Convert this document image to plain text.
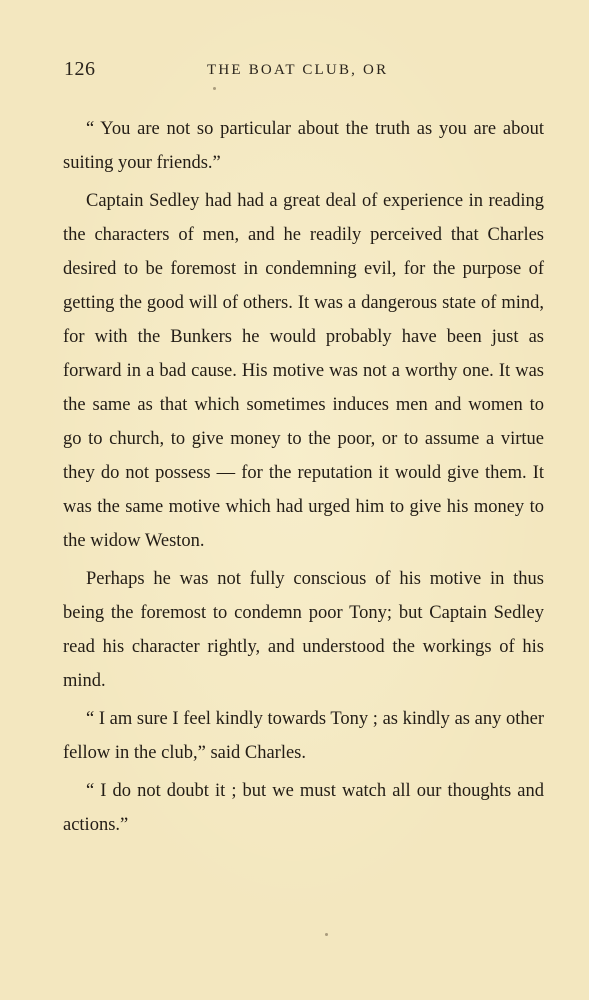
126	THE BOAT CLUB, OR

“ You are not so particular about the truth as you are about suiting your friends.”

Captain Sedley had had a great deal of experience in reading the characters of men, and he readily perceived that Charles desired to be foremost in condemning evil, for the purpose of getting the good will of others. It was a dangerous state of mind, for with the Bunkers he would probably have been just as forward in a bad cause. His motive was not a worthy one. It was the same as that which sometimes induces men and women to go to church, to give money to the poor, or to assume a virtue they do not possess — for the reputation it would give them. It was the same motive which had urged him to give his money to the widow Weston.

Perhaps he was not fully conscious of his motive in thus being the foremost to condemn poor Tony; but Captain Sedley read his character rightly, and understood the workings of his mind.

“ I am sure I feel kindly towards Tony ; as kindly as any other fellow in the club,” said Charles.

“ I do not doubt it ; but we must watch all our thoughts and actions.”
